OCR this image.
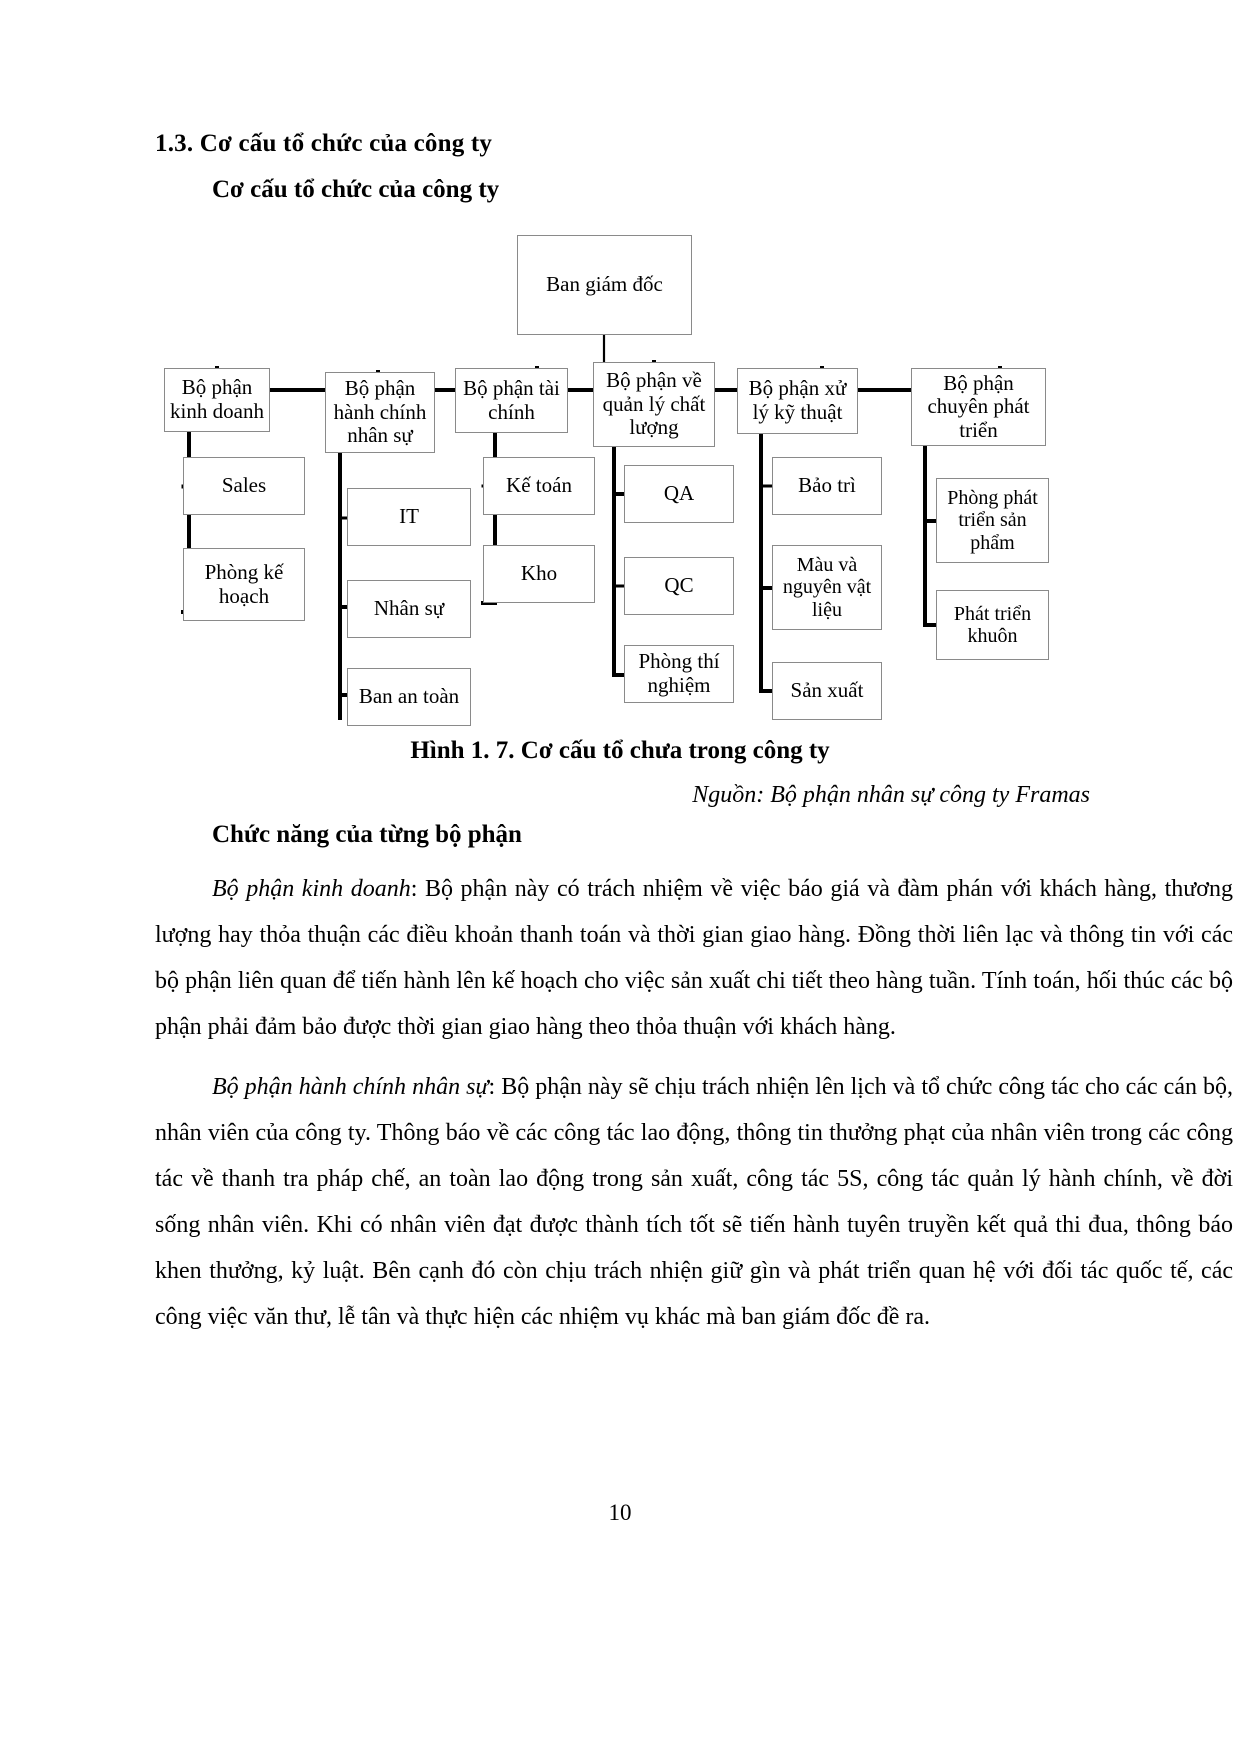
1.3. Cơ cấu tổ chức của công ty
Cơ cấu tổ chức của công ty
Ban giám đốc
Bộ phận kinh doanh
Bộ phận hành chính nhân sự
Bộ phận tài chính
Bộ phận về quản lý chất lượng
Bộ phận xử lý kỹ thuật
Bộ phận chuyên phát triển
Sales
Phòng kế hoạch
IT
Nhân sự
Ban an toàn
Kế toán
Kho
QA
QC
Phòng thí nghiệm
Bảo trì
Màu và nguyên vật liệu
Sản xuất
Phòng phát triển sản phẩm
Phát triển khuôn
Hình 1. 7. Cơ cấu tổ chưa trong công ty
Nguồn: Bộ phận nhân sự công ty Framas
Chức năng của từng bộ phận
Bộ phận kinh doanh: Bộ phận này có trách nhiệm về việc báo giá và đàm phán với khách hàng, thương lượng hay thỏa thuận các điều khoản thanh toán và thời gian giao hàng. Đồng thời liên lạc và thông tin với các bộ phận liên quan để tiến hành lên kế hoạch cho việc sản xuất chi tiết theo hàng tuần. Tính toán, hối thúc các bộ phận phải đảm bảo được thời gian giao hàng theo thỏa thuận với khách hàng.
Bộ phận hành chính nhân sự: Bộ phận này sẽ chịu trách nhiện lên lịch và tổ chức công tác cho các cán bộ, nhân viên của công ty. Thông báo về các công tác lao động, thông tin thưởng phạt của nhân viên trong các công tác về thanh tra pháp chế, an toàn lao động trong sản xuất, công tác 5S, công tác quản lý hành chính, về đời sống nhân viên. Khi có nhân viên đạt được thành tích tốt sẽ tiến hành tuyên truyền kết quả thi đua, thông báo khen thưởng, kỷ luật. Bên cạnh đó còn chịu trách nhiện giữ gìn và phát triển quan hệ với đối tác quốc tế, các công việc văn thư, lễ tân và thực hiện các nhiệm vụ khác mà ban giám đốc đề ra.
10
